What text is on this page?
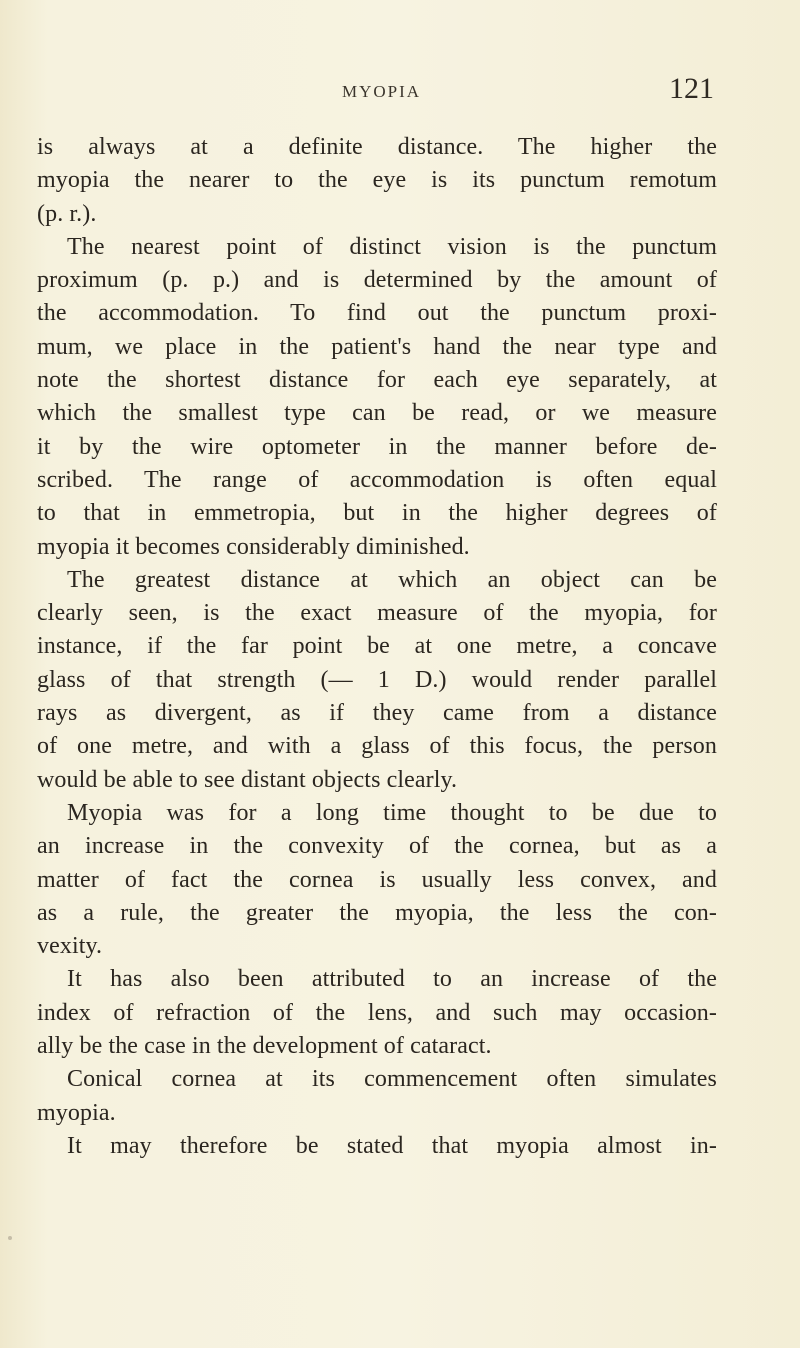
MYOPIA	121
is always at a definite distance. The higher the
myopia the nearer to the eye is its punctum remotum
(p. r.).
The nearest point of distinct vision is the punctum
proximum (p. p.) and is determined by the amount of
the accommodation. To find out the punctum proxi-
mum, we place in the patient's hand the near type and
note the shortest distance for each eye separately, at
which the smallest type can be read, or we measure
it by the wire optometer in the manner before de-
scribed. The range of accommodation is often equal
to that in emmetropia, but in the higher degrees of
myopia it becomes considerably diminished.
The greatest distance at which an object can be
clearly seen, is the exact measure of the myopia, for
instance, if the far point be at one metre, a concave
glass of that strength (— 1 D.) would render parallel
rays as divergent, as if they came from a distance
of one metre, and with a glass of this focus, the person
would be able to see distant objects clearly.
Myopia was for a long time thought to be due to
an increase in the convexity of the cornea, but as a
matter of fact the cornea is usually less convex, and
as a rule, the greater the myopia, the less the con-
vexity.
It has also been attributed to an increase of the
index of refraction of the lens, and such may occasion-
ally be the case in the development of cataract.
Conical cornea at its commencement often simulates
myopia.
It may therefore be stated that myopia almost in-
